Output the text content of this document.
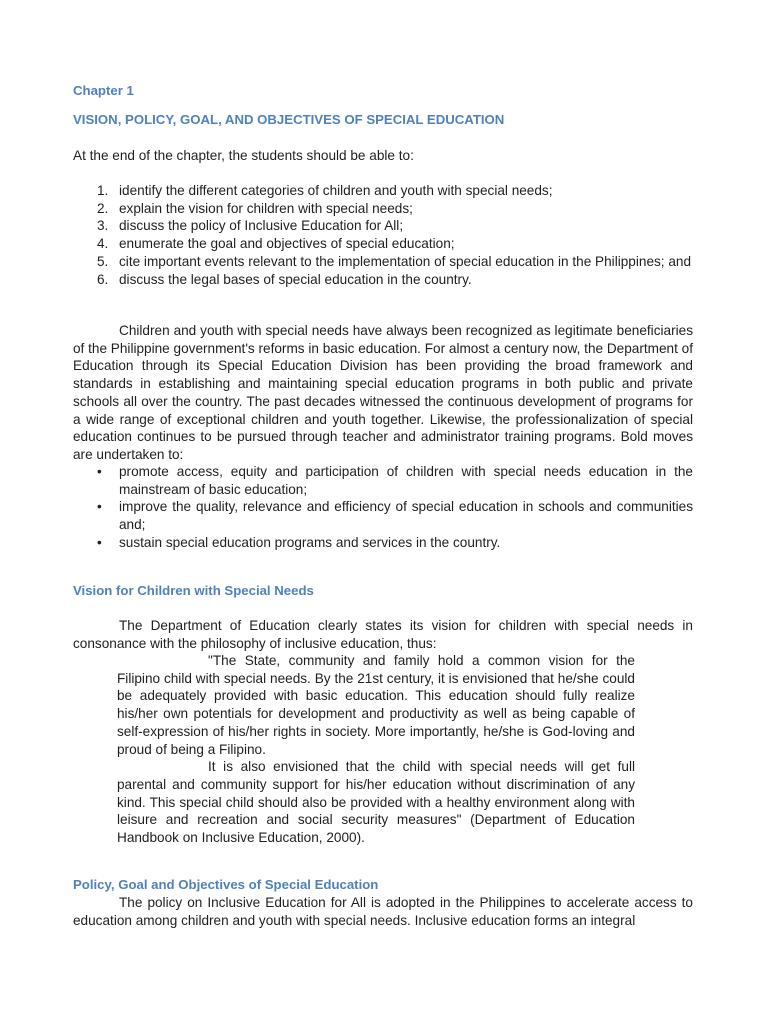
Chapter 1
VISION, POLICY, GOAL, AND OBJECTIVES OF SPECIAL EDUCATION
At the end of the chapter, the students should be able to:
1. identify the different categories of children and youth with special needs;
2. explain the vision for children with special needs;
3. discuss the policy of Inclusive Education for All;
4. enumerate the goal and objectives of special education;
5. cite important events relevant to the implementation of special education in the Philippines; and
6. discuss the legal bases of special education in the country.
Children and youth with special needs have always been recognized as legitimate beneficiaries of the Philippine government's reforms in basic education. For almost a century now, the Department of Education through its Special Education Division has been providing the broad framework and standards in establishing and maintaining special education programs in both public and private schools all over the country. The past decades witnessed the continuous development of programs for a wide range of exceptional children and youth together. Likewise, the professionalization of special education continues to be pursued through teacher and administrator training programs. Bold moves are undertaken to:
• promote access, equity and participation of children with special needs education in the mainstream of basic education;
• improve the quality, relevance and efficiency of special education in schools and communities and;
• sustain special education programs and services in the country.
Vision for Children with Special Needs
The Department of Education clearly states its vision for children with special needs in consonance with the philosophy of inclusive education, thus:

"The State, community and family hold a common vision for the Filipino child with special needs. By the 21st century, it is envisioned that he/she could be adequately provided with basic education. This education should fully realize his/her own potentials for development and productivity as well as being capable of self-expression of his/her rights in society. More importantly, he/she is God-loving and proud of being a Filipino.

It is also envisioned that the child with special needs will get full parental and community support for his/her education without discrimination of any kind. This special child should also be provided with a healthy environment along with leisure and recreation and social security measures" (Department of Education Handbook on Inclusive Education, 2000).

Policy, Goal and Objectives of Special Education
The policy on Inclusive Education for All is adopted in the Philippines to accelerate access to education among children and youth with special needs. Inclusive education forms an integral
